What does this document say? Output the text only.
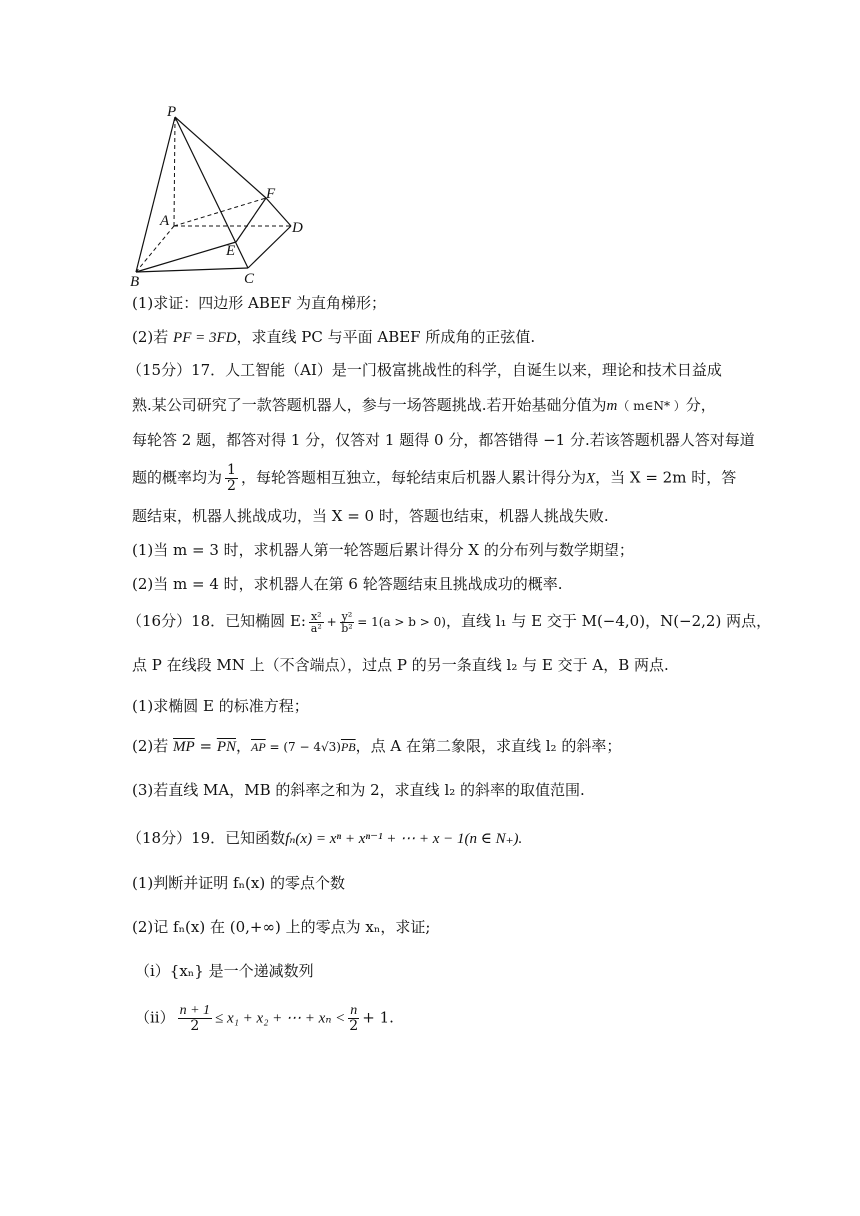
P
A
B	C
D
E
F
(1)求证：四边形 ABEF 为直角梯形；
(2)若 PF = 3FD，求直线 PC 与平面 ABEF 所成角的正弦值.
（15分）17．人工智能（AI）是一门极富挑战性的科学，自诞生以来，理论和技术日益成
熟.某公司研究了一款答题机器人，参与一场答题挑战.若开始基础分值为m（ m∈N* ）分，
每轮答 2 题，都答对得 1 分，仅答对 1 题得 0 分，都答错得 −1 分.若该答题机器人答对每道
题的概率均为 $\frac{1}{2}$ ，每轮答题相互独立，每轮结束后机器人累计得分为X，当 X = 2m 时，答
题结束，机器人挑战成功，当 X = 0 时，答题也结束，机器人挑战失败.
(1)当 m = 3 时，求机器人第一轮答题后累计得分 X 的分布列与数学期望；
(2)当 m = 4 时，求机器人在第 6 轮答题结束且挑战成功的概率.
（16分）18．已知椭圆 E: $\frac{\text{x²}}{\text{a²}} + \frac{\text{y²}}{\text{b²}} = 1(a > b > 0)$，直线 l₁ 与 E 交于 M(−4,0)，N(−2,2) 两点，
点 P 在线段 MN 上（不含端点），过点 P 的另一条直线 l₂ 与 E 交于 A，B 两点.
(1)求椭圆 E 的标准方程；
(2)若 $\overline{MP} = \overline{PN}$，$\overline{AP} = (7 - 4√3)\overline{PB}$，点 A 在第二象限，求直线 l₂ 的斜率；
(3)若直线 MA，MB 的斜率之和为 2，求直线 l₂ 的斜率的取值范围.
（18分）19．已知函数fₙ(x) = xⁿ + xⁿ⁻¹ + ⋯ + x − 1(n ∈ N₊).
(1)判断并证明 fₙ(x) 的零点个数
(2)记 fₙ(x) 在 (0,+∞) 上的零点为 xₙ，求证;
（i）{xₙ} 是一个递减数列
$(ii) \frac{n + 1}{2} \le x_1 + x_2$ + ⋯ + $x_n < \frac{n}{2} + 1$.
